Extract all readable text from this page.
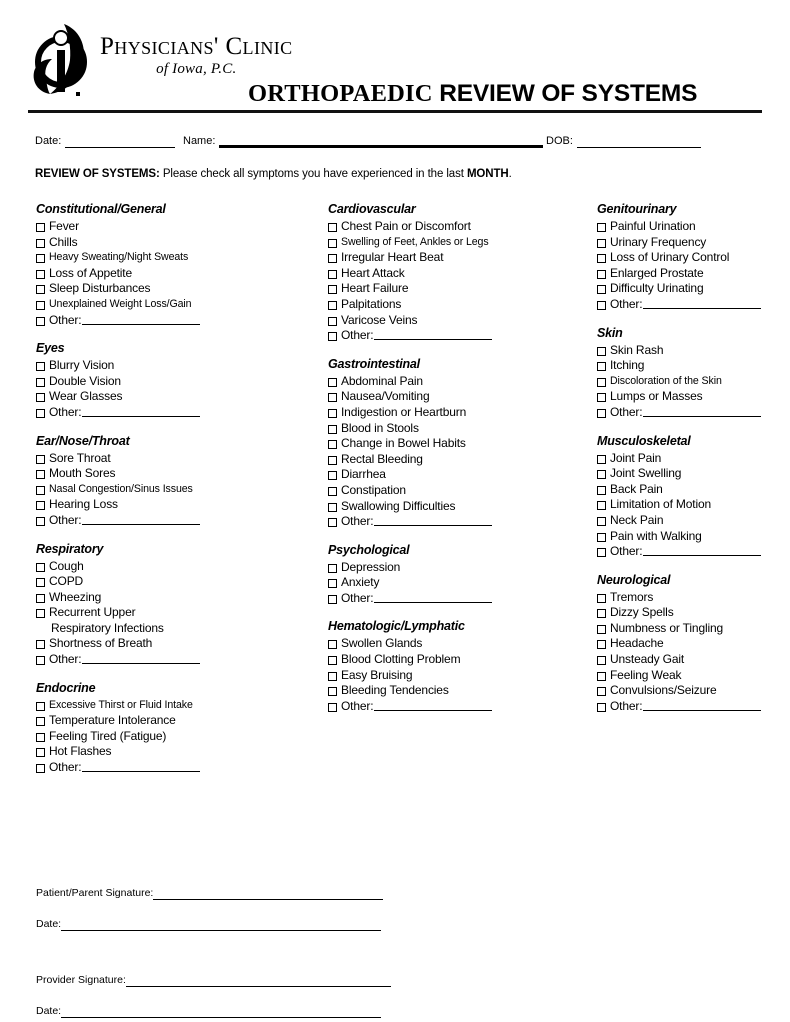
Physicians' Clinic
of Iowa, P.C.
ORTHOPAEDIC REVIEW OF SYSTEMS
Date:	Name:	DOB:
REVIEW OF SYSTEMS: Please check all symptoms you have experienced in the last MONTH.
Constitutional/General
Fever
Chills
Heavy Sweating/Night Sweats
Loss of Appetite
Sleep Disturbances
Unexplained Weight Loss/Gain
Other:
Eyes
Blurry Vision
Double Vision
Wear Glasses
Other:
Ear/Nose/Throat
Sore Throat
Mouth Sores
Nasal Congestion/Sinus Issues
Hearing Loss
Other:
Respiratory
Cough
COPD
Wheezing
Recurrent Upper
Respiratory Infections
Shortness of Breath
Other:
Endocrine
Excessive Thirst or Fluid Intake
Temperature Intolerance
Feeling Tired (Fatigue)
Hot Flashes
Other:
Cardiovascular
Chest Pain or Discomfort
Swelling of Feet, Ankles or Legs
Irregular Heart Beat
Heart Attack
Heart Failure
Palpitations
Varicose Veins
Other:
Gastrointestinal
Abdominal Pain
Nausea/Vomiting
Indigestion or Heartburn
Blood in Stools
Change in Bowel Habits
Rectal Bleeding
Diarrhea
Constipation
Swallowing Difficulties
Other:
Psychological
Depression
Anxiety
Other:
Hematologic/Lymphatic
Swollen Glands
Blood Clotting Problem
Easy Bruising
Bleeding Tendencies
Other:
Genitourinary
Painful Urination
Urinary Frequency
Loss of Urinary Control
Enlarged Prostate
Difficulty Urinating
Other:
Skin
Skin Rash
Itching
Discoloration of the Skin
Lumps or Masses
Other:
Musculoskeletal
Joint Pain
Joint Swelling
Back Pain
Limitation of Motion
Neck Pain
Pain with Walking
Other:
Neurological
Tremors
Dizzy Spells
Numbness or Tingling
Headache
Unsteady Gait
Feeling Weak
Convulsions/Seizure
Other:
Patient/Parent Signature:
Date:
Provider Signature:
Date:
